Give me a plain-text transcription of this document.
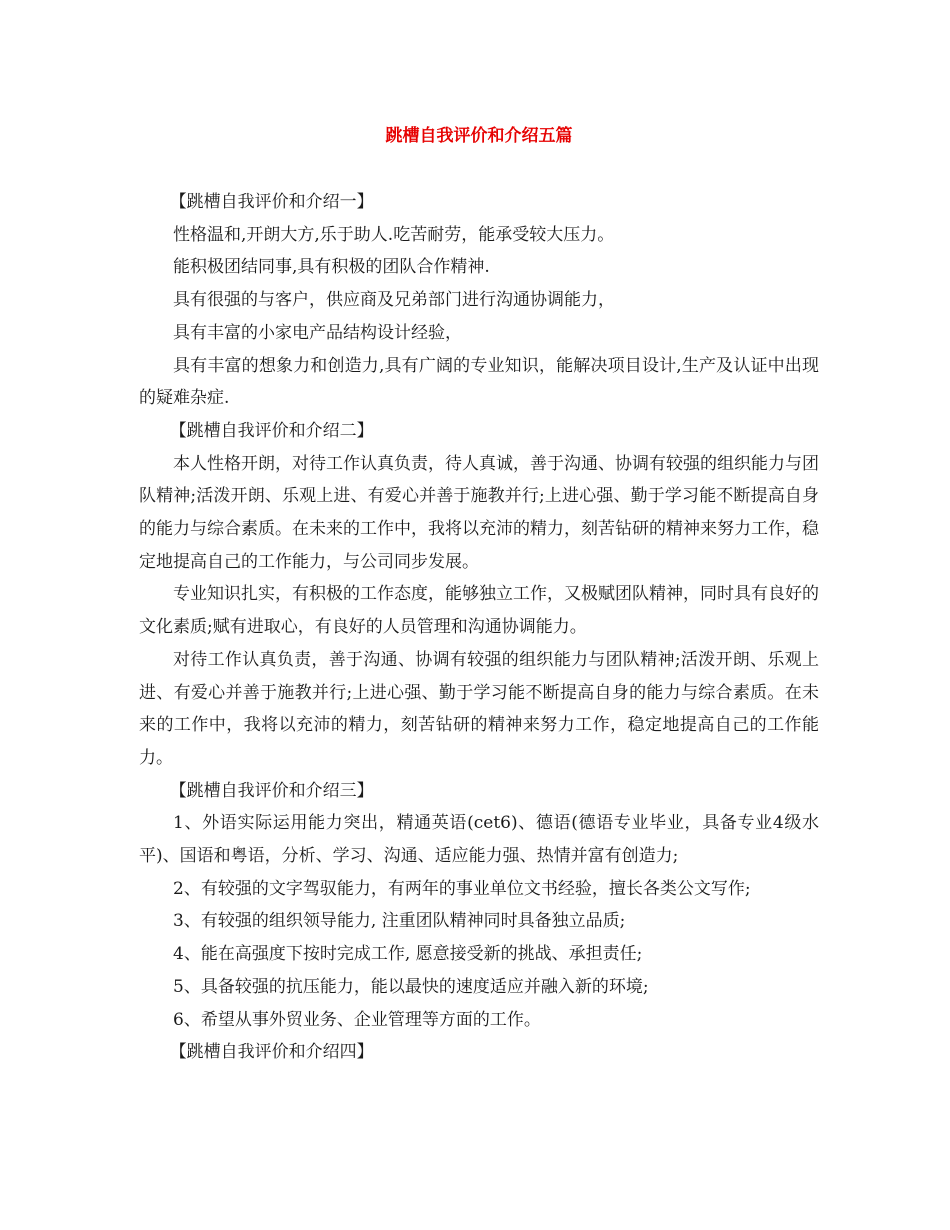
跳槽自我评价和介绍五篇

【跳槽自我评价和介绍一】

性格温和,开朗大方,乐于助人.吃苦耐劳，能承受较大压力。

能积极团结同事,具有积极的团队合作精神.

具有很强的与客户，供应商及兄弟部门进行沟通协调能力，

具有丰富的小家电产品结构设计经验，

具有丰富的想象力和创造力,具有广阔的专业知识，能解决项目设计,生产及认证中出现的疑难杂症.

【跳槽自我评价和介绍二】

本人性格开朗，对待工作认真负责，待人真诚，善于沟通、协调有较强的组织能力与团队精神;活泼开朗、乐观上进、有爱心并善于施教并行;上进心强、勤于学习能不断提高自身的能力与综合素质。在未来的工作中，我将以充沛的精力，刻苦钻研的精神来努力工作，稳定地提高自己的工作能力，与公司同步发展。

专业知识扎实，有积极的工作态度，能够独立工作，又极赋团队精神，同时具有良好的文化素质;赋有进取心，有良好的人员管理和沟通协调能力。

对待工作认真负责，善于沟通、协调有较强的组织能力与团队精神;活泼开朗、乐观上进、有爱心并善于施教并行;上进心强、勤于学习能不断提高自身的能力与综合素质。在未来的工作中，我将以充沛的精力，刻苦钻研的精神来努力工作，稳定地提高自己的工作能力。

【跳槽自我评价和介绍三】

1、外语实际运用能力突出，精通英语(cet6)、德语(德语专业毕业，具备专业4级水平)、国语和粤语，分析、学习、沟通、适应能力强、热情并富有创造力;

2、有较强的文字驾驭能力，有两年的事业单位文书经验，擅长各类公文写作;

3、有较强的组织领导能力, 注重团队精神同时具备独立品质;

4、能在高强度下按时完成工作, 愿意接受新的挑战、承担责任;

5、具备较强的抗压能力，能以最快的速度适应并融入新的环境;

6、希望从事外贸业务、企业管理等方面的工作。

【跳槽自我评价和介绍四】
